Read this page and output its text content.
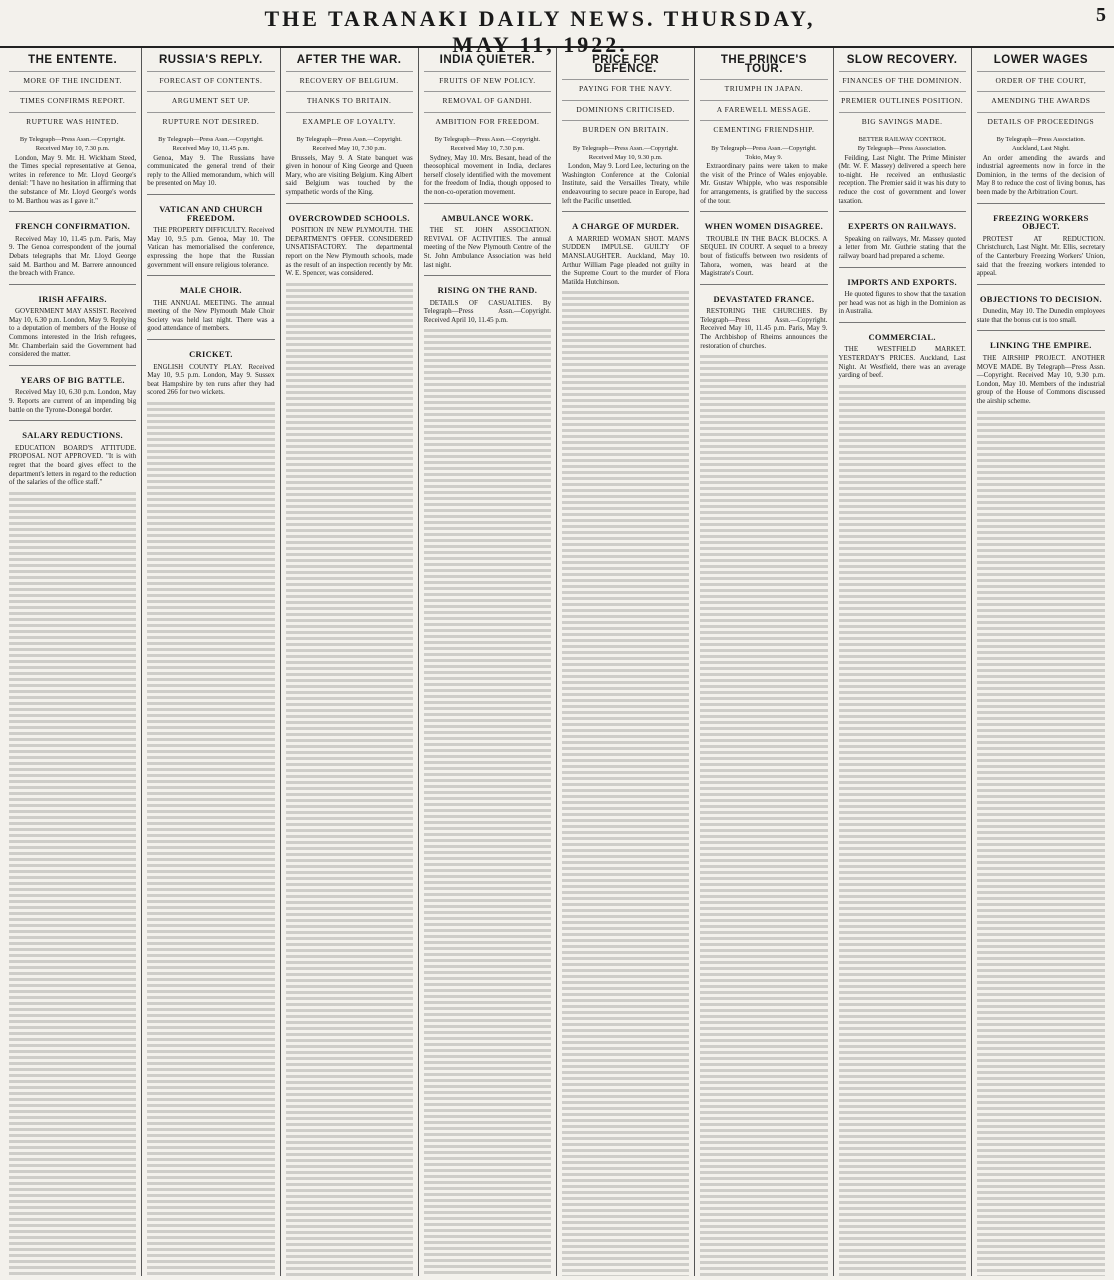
THE TARANAKI DAILY NEWS. THURSDAY, MAY 11, 1922.
5
THE ENTENTE.
MORE OF THE INCIDENT.
TIMES CONFIRMS REPORT.
RUPTURE WAS HINTED.
By Telegraph—Press Assn.—Copyright.
Received May 10, 7.30 p.m.

London, May 9. Mr. H. Wickham Steed, the Times special representative at Genoa, writes in reference to Mr. Lloyd George's denial: "I have no hesitation in affirming that the substance of Mr. Lloyd George's words to M. Barthou was as I gave it."

FRENCH CONFIRMATION.

Received May 10, 11.45 p.m. Paris, May 9. The Genoa correspondent of the journal Debats telegraphs that Mr. Lloyd George said M. Barthou and M. Barrere announced the breach with France.

IRISH AFFAIRS.

GOVERNMENT MAY ASSIST. Received May 10, 6.30 p.m. London, May 9. Replying to a deputation of members of the House of Commons interested in the Irish refugees, Mr. Chamberlain said the Government had considered the matter.

YEARS OF BIG BATTLE.

Received May 10, 6.30 p.m. London, May 9. Reports are current of an impending big battle on the Tyrone-Donegal border.

SALARY REDUCTIONS.

EDUCATION BOARD'S ATTITUDE. PROPOSAL NOT APPROVED. "It is with regret that the board gives effect to the department's letters in regard to the reduction of the salaries of the office staff."

RUSSIA'S REPLY.
FORECAST OF CONTENTS.
ARGUMENT SET UP.
RUPTURE NOT DESIRED.
By Telegraph—Press Assn.—Copyright.
Received May 10, 11.45 p.m.

Genoa, May 9. The Russians have communicated the general trend of their reply to the Allied memorandum, which will be presented on May 10.

VATICAN AND CHURCH FREEDOM.

THE PROPERTY DIFFICULTY. Received May 10, 9.5 p.m. Genoa, May 10. The Vatican has memorialised the conference, expressing the hope that the Russian government will ensure religious tolerance.

MALE CHOIR.

THE ANNUAL MEETING. The annual meeting of the New Plymouth Male Choir Society was held last night. There was a good attendance of members.

CRICKET.

ENGLISH COUNTY PLAY. Received May 10, 9.5 p.m. London, May 9. Sussex beat Hampshire by ten runs after they had scored 266 for two wickets.

AFTER THE WAR.
RECOVERY OF BELGIUM.
THANKS TO BRITAIN.
EXAMPLE OF LOYALTY.
By Telegraph—Press Assn.—Copyright.
Received May 10, 7.30 p.m.

Brussels, May 9. A State banquet was given in honour of King George and Queen Mary, who are visiting Belgium. King Albert said Belgium was touched by the sympathetic words of the King.

OVERCROWDED SCHOOLS.

POSITION IN NEW PLYMOUTH. THE DEPARTMENT'S OFFER. CONSIDERED UNSATISFACTORY. The departmental report on the New Plymouth schools, made as the result of an inspection recently by Mr. W. E. Spencer, was considered.

INDIA QUIETER.
FRUITS OF NEW POLICY.
REMOVAL OF GANDHI.
AMBITION FOR FREEDOM.
By Telegraph—Press Assn.—Copyright.
Received May 10, 7.30 p.m.

Sydney, May 10. Mrs. Besant, head of the theosophical movement in India, declares herself closely identified with the movement for the freedom of India, though opposed to the non-co-operation movement.

AMBULANCE WORK.

THE ST. JOHN ASSOCIATION. REVIVAL OF ACTIVITIES. The annual meeting of the New Plymouth Centre of the St. John Ambulance Association was held last night.

RISING ON THE RAND.

DETAILS OF CASUALTIES. By Telegraph—Press Assn.—Copyright. Received April 10, 11.45 p.m.

PRICE FOR DEFENCE.
PAYING FOR THE NAVY.
DOMINIONS CRITICISED.
BURDEN ON BRITAIN.
By Telegraph—Press Assn.—Copyright.
Received May 10, 9.30 p.m.

London, May 9. Lord Lee, lecturing on the Washington Conference at the Colonial Institute, said the Versailles Treaty, while endeavouring to secure peace in Europe, had left the Pacific unsettled.

A CHARGE OF MURDER.

A MARRIED WOMAN SHOT. MAN'S SUDDEN IMPULSE. GUILTY OF MANSLAUGHTER. Auckland, May 10. Arthur William Page pleaded not guilty in the Supreme Court to the murder of Flora Matilda Hutchinson.

THE PRINCE'S TOUR.
TRIUMPH IN JAPAN.
A FAREWELL MESSAGE.
CEMENTING FRIENDSHIP.
By Telegraph—Press Assn.—Copyright.
Tokio, May 9.

Extraordinary pains were taken to make the visit of the Prince of Wales enjoyable. Mr. Gustav Whipple, who was responsible for arrangements, is gratified by the success of the tour.

WHEN WOMEN DISAGREE.

TROUBLE IN THE BACK BLOCKS. A SEQUEL IN COURT. A sequel to a breezy bout of fisticuffs between two residents of Tahora, women, was heard at the Magistrate's Court.

DEVASTATED FRANCE.

RESTORING THE CHURCHES. By Telegraph—Press Assn.—Copyright. Received May 10, 11.45 p.m. Paris, May 9. The Archbishop of Rheims announces the restoration of churches.

SLOW RECOVERY.
FINANCES OF THE DOMINION.
PREMIER OUTLINES POSITION.
BIG SAVINGS MADE.
BETTER RAILWAY CONTROL
By Telegraph—Press Association.

Feilding, Last Night. The Prime Minister (Mr. W. F. Massey) delivered a speech here to-night. He received an enthusiastic reception. The Premier said it was his duty to reduce the cost of government and lower taxation.

EXPERTS ON RAILWAYS.

Speaking on railways, Mr. Massey quoted a letter from Mr. Guthrie stating that the railway board had prepared a scheme.

IMPORTS AND EXPORTS.

He quoted figures to show that the taxation per head was not as high in the Dominion as in Australia.

COMMERCIAL.

THE WESTFIELD MARKET. YESTERDAY'S PRICES. Auckland, Last Night. At Westfield, there was an average yarding of beef.

LOWER WAGES
ORDER OF THE COURT,
AMENDING THE AWARDS
DETAILS OF PROCEEDINGS
By Telegraph—Press Association.
Auckland, Last Night.

An order amending the awards and industrial agreements now in force in the Dominion, in the terms of the decision of May 8 to reduce the cost of living bonus, has been made by the Arbitration Court.

FREEZING WORKERS OBJECT.

PROTEST AT REDUCTION. Christchurch, Last Night. Mr. Ellis, secretary of the Canterbury Freezing Workers' Union, said that the freezing workers intended to appeal.

OBJECTIONS TO DECISION.

Dunedin, May 10. The Dunedin employees state that the bonus cut is too small.

LINKING THE EMPIRE.

THE AIRSHIP PROJECT. ANOTHER MOVE MADE. By Telegraph—Press Assn.—Copyright. Received May 10, 9.30 p.m. London, May 10. Members of the industrial group of the House of Commons discussed the airship scheme.
